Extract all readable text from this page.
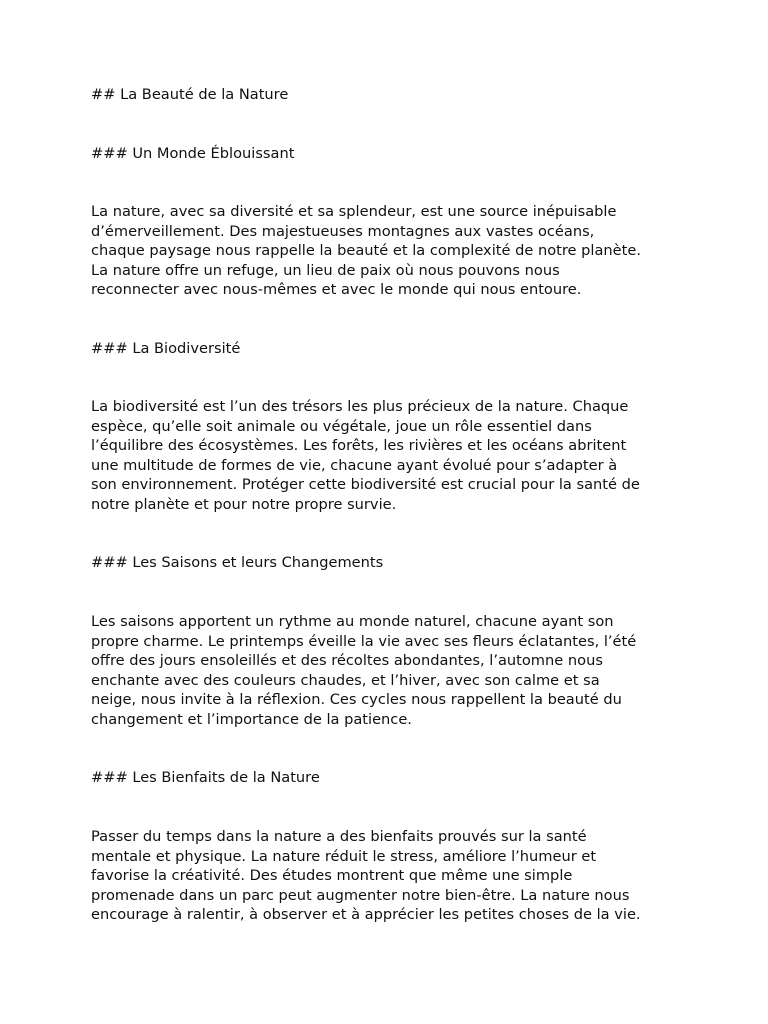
## La Beauté de la Nature

### Un Monde Éblouissant

La nature, avec sa diversité et sa splendeur, est une source inépuisable
d’émerveillement. Des majestueuses montagnes aux vastes océans,
chaque paysage nous rappelle la beauté et la complexité de notre planète.
La nature offre un refuge, un lieu de paix où nous pouvons nous
reconnecter avec nous-mêmes et avec le monde qui nous entoure.

### La Biodiversité

La biodiversité est l’un des trésors les plus précieux de la nature. Chaque
espèce, qu’elle soit animale ou végétale, joue un rôle essentiel dans
l’équilibre des écosystèmes. Les forêts, les rivières et les océans abritent
une multitude de formes de vie, chacune ayant évolué pour s’adapter à
son environnement. Protéger cette biodiversité est crucial pour la santé de
notre planète et pour notre propre survie.

### Les Saisons et leurs Changements

Les saisons apportent un rythme au monde naturel, chacune ayant son
propre charme. Le printemps éveille la vie avec ses fleurs éclatantes, l’été
offre des jours ensoleillés et des récoltes abondantes, l’automne nous
enchante avec des couleurs chaudes, et l’hiver, avec son calme et sa
neige, nous invite à la réflexion. Ces cycles nous rappellent la beauté du
changement et l’importance de la patience.

### Les Bienfaits de la Nature

Passer du temps dans la nature a des bienfaits prouvés sur la santé
mentale et physique. La nature réduit le stress, améliore l’humeur et
favorise la créativité. Des études montrent que même une simple
promenade dans un parc peut augmenter notre bien-être. La nature nous
encourage à ralentir, à observer et à apprécier les petites choses de la vie.
